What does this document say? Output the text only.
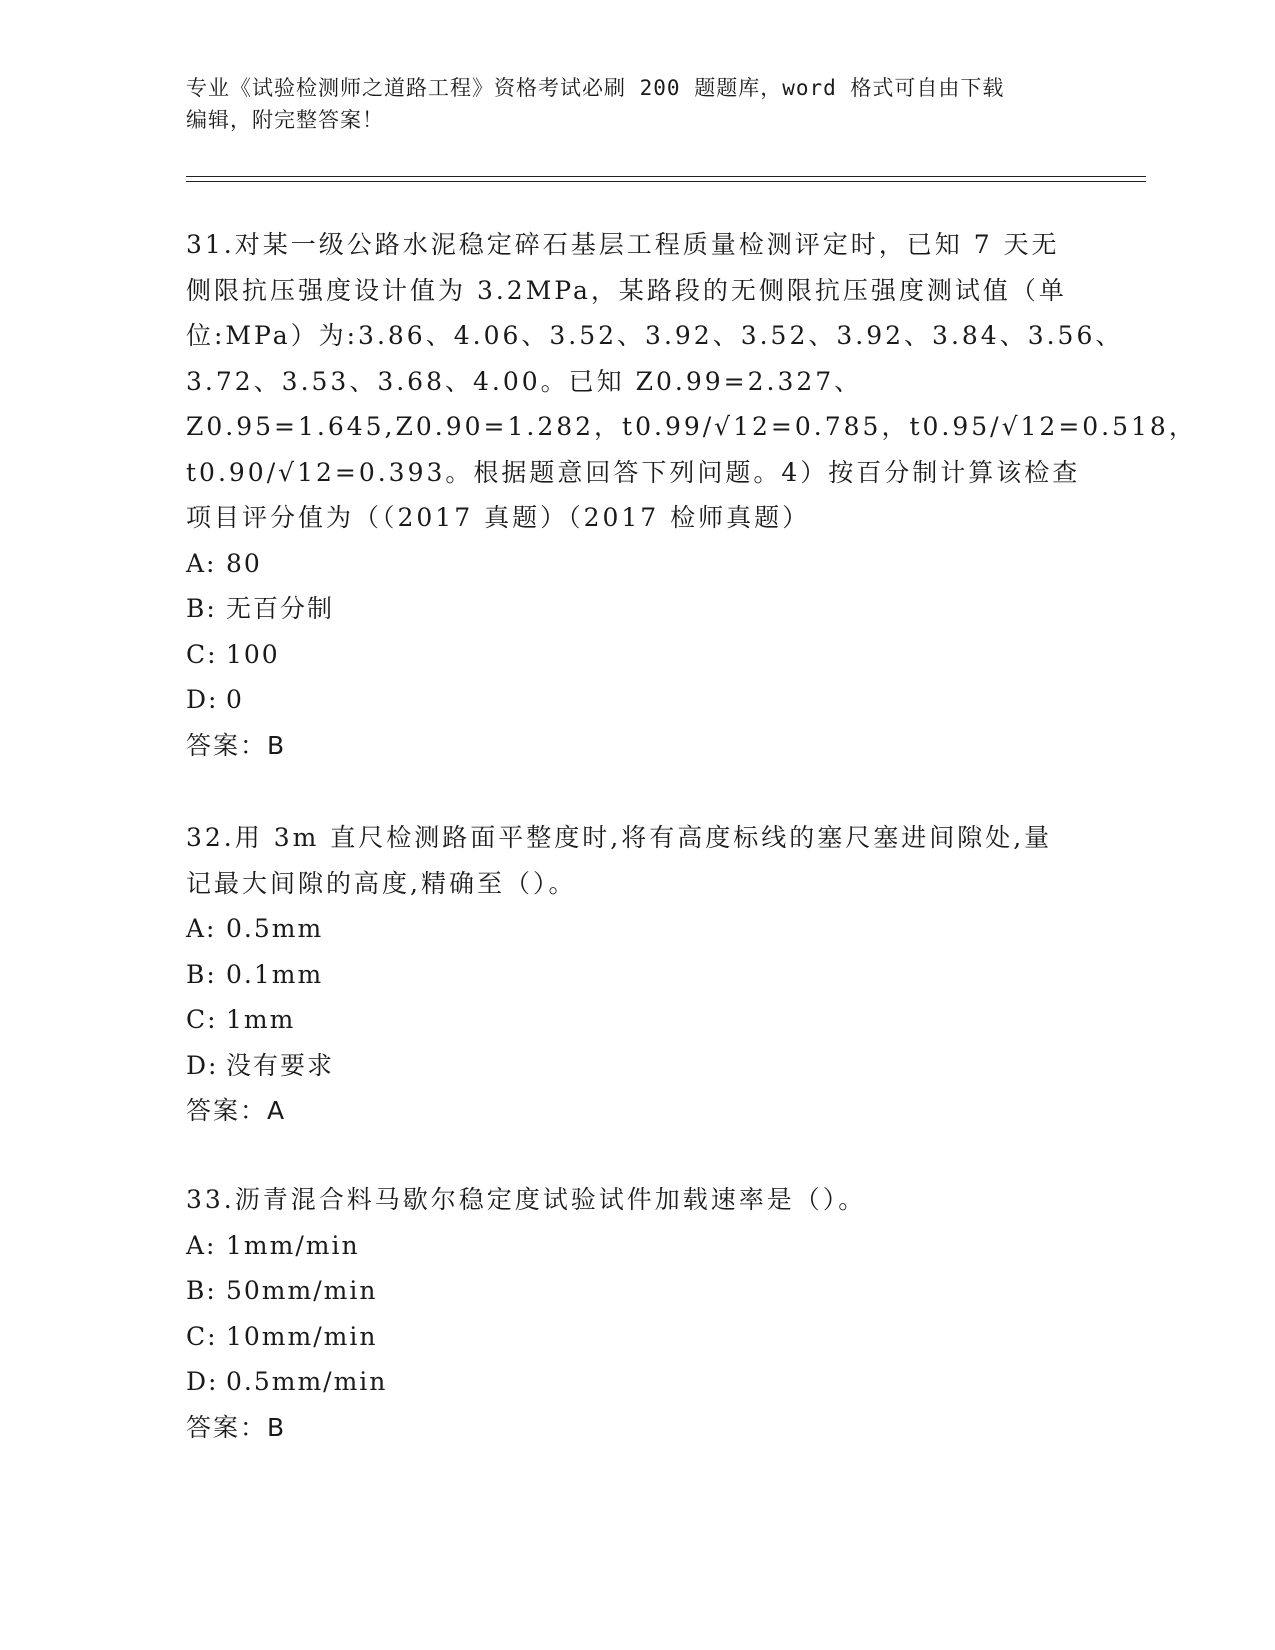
专业《试验检测师之道路工程》资格考试必刷 200 题题库，word 格式可自由下载
编辑，附完整答案！
31.对某一级公路水泥稳定碎石基层工程质量检测评定时，已知 7 天无
侧限抗压强度设计值为 3.2MPa，某路段的无侧限抗压强度测试值（单
位:MPa）为:3.86、4.06、3.52、3.92、3.52、3.92、3.84、3.56、
3.72、3.53、3.68、4.00。已知 Z0.99=2.327、
Z0.95=1.645,Z0.90=1.282，t0.99/√12=0.785，t0.95/√12=0.518，
t0.90/√12=0.393。根据题意回答下列问题。4）按百分制计算该检查
项目评分值为（（2017 真题）（2017 检师真题）
A: 80
B: 无百分制
C: 100
D: 0
答案：B
32.用 3m 直尺检测路面平整度时,将有高度标线的塞尺塞进间隙处,量
记最大间隙的高度,精确至（）。
A: 0.5mm
B: 0.1mm
C: 1mm
D: 没有要求
答案：A
33.沥青混合料马歇尔稳定度试验试件加载速率是（）。
A: 1mm/min
B: 50mm/min
C: 10mm/min
D: 0.5mm/min
答案：B
